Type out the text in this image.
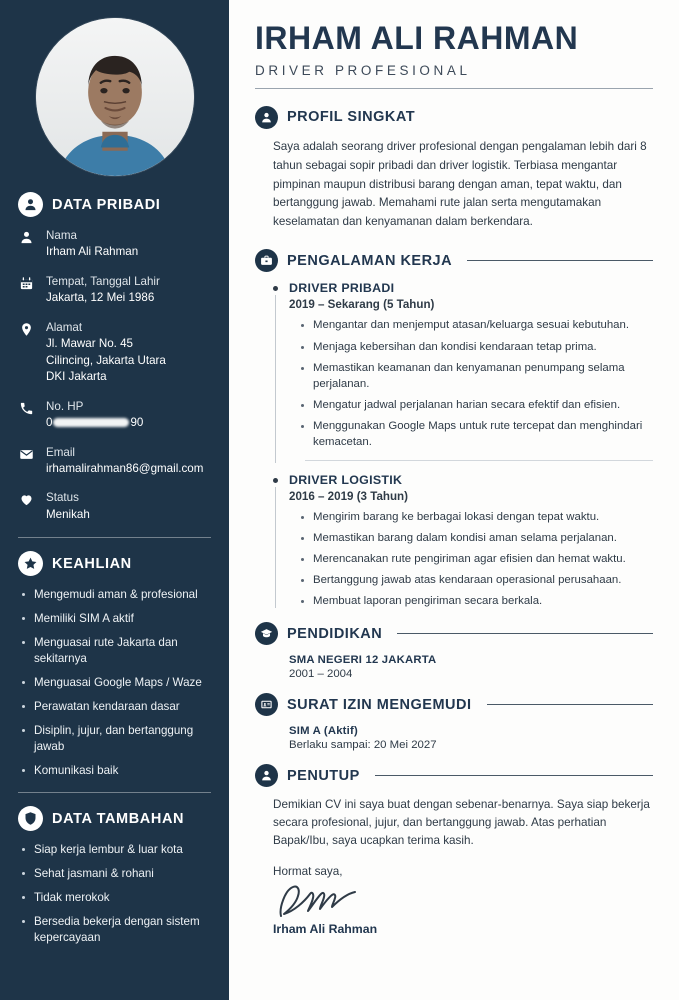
DATA PRIBADI
Nama
Irham Ali Rahman
Tempat, Tanggal Lahir
Jakarta, 12 Mei 1986
Alamat
Jl. Mawar No. 45
Cilincing, Jakarta Utara
DKI Jakarta
No. HP
0	90
Email
irhamalirahman86@gmail.com
Status
Menikah
KEAHLIAN
Mengemudi aman & profesional
Memiliki SIM A aktif
Menguasai rute Jakarta dan sekitarnya
Menguasai Google Maps / Waze
Perawatan kendaraan dasar
Disiplin, jujur, dan bertanggung jawab
Komunikasi baik
DATA TAMBAHAN
Siap kerja lembur & luar kota
Sehat jasmani & rohani
Tidak merokok
Bersedia bekerja dengan sistem kepercayaan
IRHAM ALI RAHMAN
DRIVER PROFESIONAL
PROFIL SINGKAT

Saya adalah seorang driver profesional dengan pengalaman lebih dari 8 tahun sebagai sopir pribadi dan driver logistik. Terbiasa mengantar pimpinan maupun distribusi barang dengan aman, tepat waktu, dan bertanggung jawab. Memahami rute jalan serta mengutamakan keselamatan dan kenyamanan dalam berkendara.

PENGALAMAN KERJA
DRIVER PRIBADI
2019 – Sekarang (5 Tahun)
Mengantar dan menjemput atasan/keluarga sesuai kebutuhan.
Menjaga kebersihan dan kondisi kendaraan tetap prima.
Memastikan keamanan dan kenyamanan penumpang selama perjalanan.
Mengatur jadwal perjalanan harian secara efektif dan efisien.
Menggunakan Google Maps untuk rute tercepat dan menghindari kemacetan.
DRIVER LOGISTIK
2016 – 2019 (3 Tahun)
Mengirim barang ke berbagai lokasi dengan tepat waktu.
Memastikan barang dalam kondisi aman selama perjalanan.
Merencanakan rute pengiriman agar efisien dan hemat waktu.
Bertanggung jawab atas kendaraan operasional perusahaan.
Membuat laporan pengiriman secara berkala.
PENDIDIKAN
SMA NEGERI 12 JAKARTA
2001 – 2004
SURAT IZIN MENGEMUDI
SIM A (Aktif)
Berlaku sampai: 20 Mei 2027
PENUTUP

Demikian CV ini saya buat dengan sebenar-benarnya. Saya siap bekerja secara profesional, jujur, dan bertanggung jawab. Atas perhatian Bapak/Ibu, saya ucapkan terima kasih.

Hormat saya,
Irham Ali Rahman
